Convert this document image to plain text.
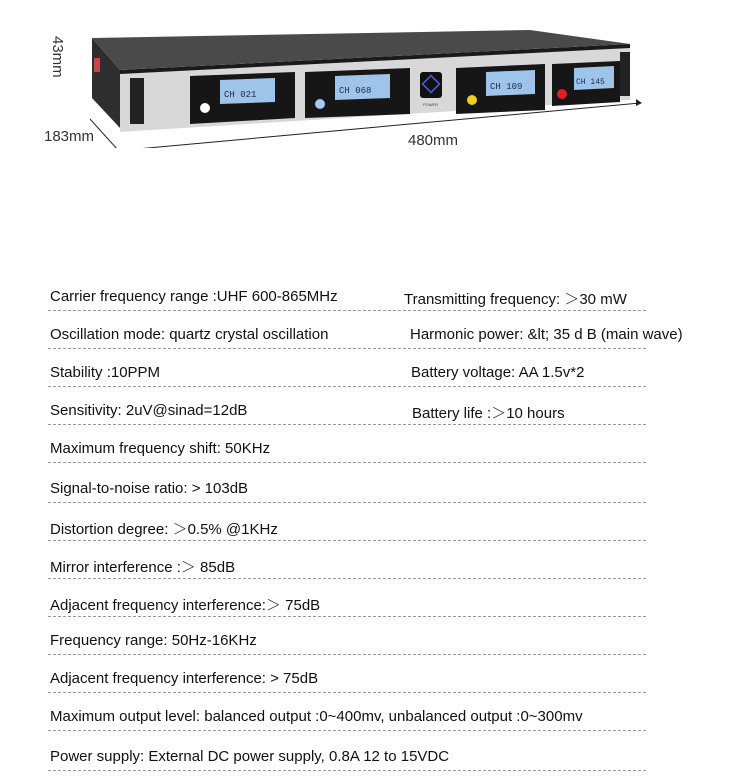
43mm
183mm	480mm
CH 021	CH 068
POWER
CH 109	CH 145
Carrier frequency range :UHF 600-865MHz	Transmitting frequency: ＞30 mW
Oscillation mode: quartz crystal oscillation	Harmonic power: &lt; 35 d B (main wave)
Stability :10PPM	Battery voltage: AA 1.5v*2
Sensitivity: 2uV@sinad=12dB	Battery life :＞10 hours
Maximum frequency shift: 50KHz
Signal-to-noise ratio: > 103dB
Distortion degree: ＞0.5% @1KHz
Mirror interference :＞ 85dB
Adjacent frequency interference:＞ 75dB
Frequency range: 50Hz-16KHz
Adjacent frequency interference: > 75dB
Maximum output level: balanced output :0~400mv, unbalanced output :0~300mv
Power supply: External DC power supply, 0.8A 12 to 15VDC
